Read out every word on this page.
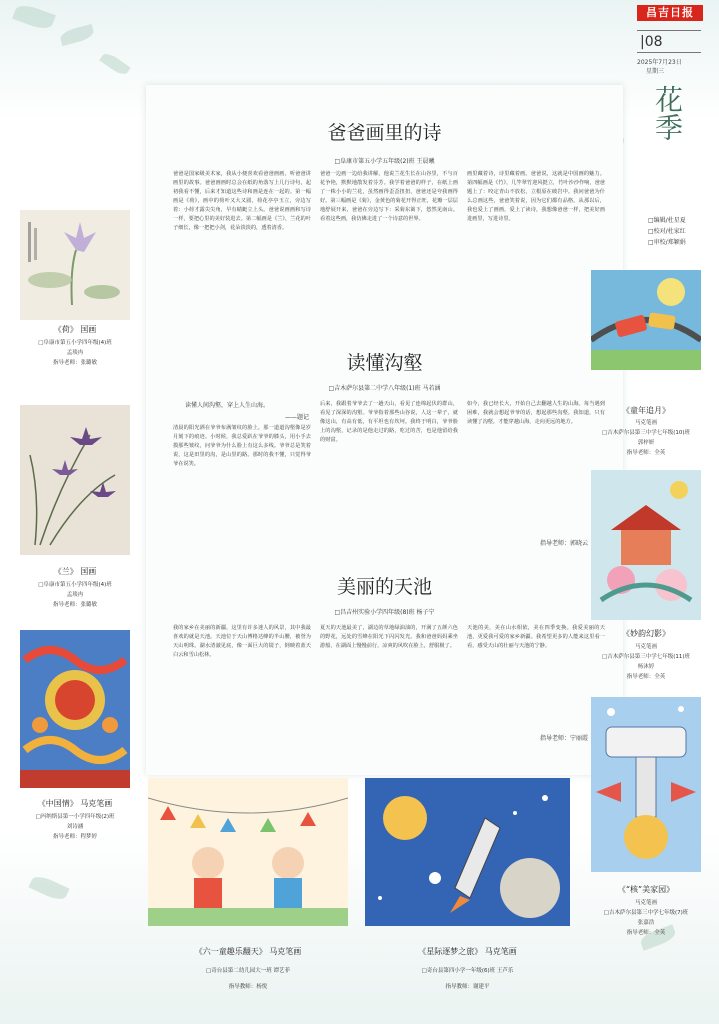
昌吉日报
|08
2025年7月23日
星期三
花季
□编辑/杜星夏
□校对/杜家红
□审校/郑颖娟
爸爸画里的诗
□阜康市第五小学五年级(2)班 王晨曦
爸爸是国家级美术家，我从小便喜欢看爸爸画画，听爸爸讲画里的故事。爸爸画画时总会在纸的角落写上几行诗句，起初我看不懂，后来才知道这些诗和画是连在一起的。第一幅画是《荷》，画中的荷叶又大又圆，荷花亭亭玉立，旁边写着：小荷才露尖尖角，早有蜻蜓立上头。爸爸说画画和写诗一样，要把心里的美好装进去。第二幅画是《兰》，兰花的叶子细长，像一把把小剑，花朵淡淡的，透着清香。
爸爸一边画一边给我讲解，他说兰花生长在山谷里，不与百花争艳，默默地散发着芬芳。我学着爸爸的样子，在纸上画了一株小小的兰花，虽然画得歪歪扭扭，爸爸还是夸我画得好。第三幅画是《菊》，金黄色的菊花开得正旺，花瓣一层层地舒展开来，爸爸在旁边写下：采菊东篱下，悠然见南山。看着这些画，我仿佛走进了一个诗意的世界。
画里藏着诗，诗里藏着画。爸爸说，这就是中国画的魅力。第四幅画是《竹》，几竿翠竹迎风挺立，竹叶沙沙作响，爸爸题上了：咬定青山不放松，立根原在破岩中。我问爸爸为什么总画这些，爸爸笑着说，因为它们都有品格。从那以后，我也爱上了画画，爱上了读诗，我想像爸爸一样，把美好画进画里，写进诗里。
读懂沟壑
□吉木萨尔县第二中学八年级(1)班 马若涵
读懂人间沟壑，穿上人生山海。
——题记
清晨的阳光洒在爷爷布满皱纹的脸上，那一道道沟壑像是岁月刻下的痕迹。小时候，我总爱趴在爷爷的膝头，用小手去摸那些皱纹，问爷爷为什么脸上有这么多线。爷爷总是笑着说，这是田里的沟，是山里的路。那时的我不懂，只觉得爷爷在说笑。
后来，我跟着爷爷去了一趟天山，看见了连绵起伏的群山，看见了深深的沟壑。爷爷指着那些山谷说，人这一辈子，就像这山，有高有低，有平坦也有坎坷。我终于明白，爷爷脸上的沟壑，记录的是他走过的路，吃过的苦，也是他留给我的财富。
如今，我已经长大，开始自己去翻越人生的山海。每当遇到困难，我就会想起爷爷的话，想起那些沟壑。我知道，只有读懂了沟壑，才能穿越山海，走向更远的地方。
指导老师：郭晓云
美丽的天池
□昌吉州实验小学四年级(8)班 杨子宁
我的家乡在美丽的新疆，这里有许多迷人的风景，其中我最喜欢的就是天池。天池位于天山博格达峰的半山腰，被誉为天山明珠。湖水清澈见底，像一面巨大的镜子，倒映着蓝天白云和雪山松林。
夏天的天池最美了，湖边的草地绿油油的，开满了五颜六色的野花，远处的雪峰在阳光下闪闪发光。我和爸爸妈妈乘坐游船，在湖面上慢慢前行，凉爽的风吹在脸上，舒服极了。
天池的美，美在山水相依，美在四季变换。我爱美丽的天池，更爱我可爱的家乡新疆。我希望更多的人能来这里看一看，感受天山的壮丽与天池的宁静。
指导老师：宁丽霞
《荷》 国画
□阜康市第五小学四年级(4)班
孟琰冉
指导老师：张璐敏
《兰》 国画
□阜康市第五小学四年级(4)班
孟琰冉
指导老师：张璐敏
《中国情》 马克笔画
□玛纳斯县第一小学四年级(2)班
刘诗涵
指导老师：程梦婷
《童年追月》
马克笔画
□吉木萨尔县第三中学七年级(10)班
郭梓妍
指导老师：全英
《妙韵幻影》
马克笔画
□吉木萨尔县第三中学七年级(11)班
杨沐婷
指导老师：全英
《“核”美家园》
马克笔画
□吉木萨尔县第三中学七年级(7)班
张嘉浩
指导老师：全英
《六一童趣乐翻天》 马克笔画
□奇台县第二幼儿园大一班 谭艺菲
指导教师：杨悦
《星际逐梦之旅》 马克笔画
□奇台县第四小学一年级(6)班 王芦乐
指导教师：谢建平
